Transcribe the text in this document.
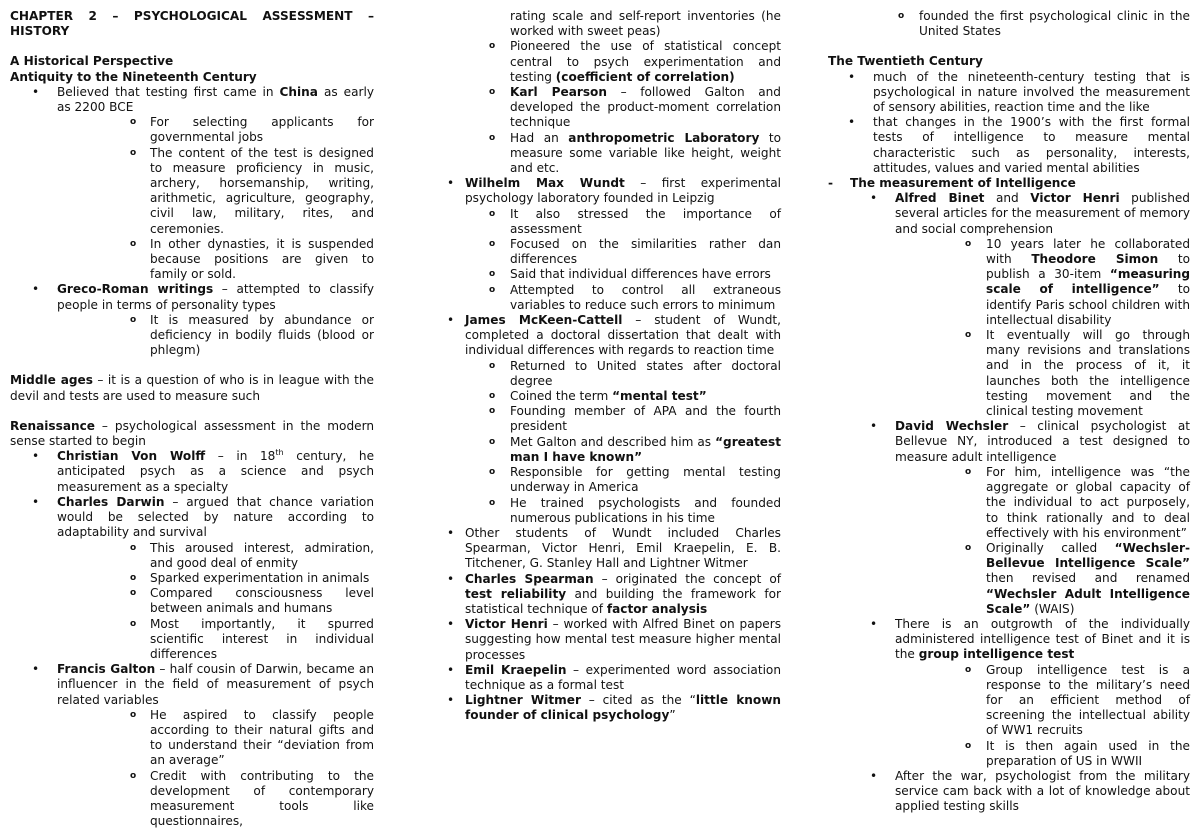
CHAPTER 2 – PSYCHOLOGICAL ASSESSMENT – HISTORY

A Historical Perspective

Antiquity to the Nineteenth Century

• Believed that testing first came in China as early as 2200 BCE
o For selecting applicants for governmental jobs
o The content of the test is designed to measure proficiency in music, archery, horsemanship, writing, arithmetic, agriculture, geography, civil law, military, rites, and ceremonies.
o In other dynasties, it is suspended because positions are given to family or sold.
• Greco-Roman writings – attempted to classify people in terms of personality types
o It is measured by abundance or deficiency in bodily fluids (blood or phlegm)

Middle ages – it is a question of who is in league with the devil and tests are used to measure such

Renaissance – psychological assessment in the modern sense started to begin

• Christian Von Wolff – in 18th century, he anticipated psych as a science and psych measurement as a specialty
• Charles Darwin – argued that chance variation would be selected by nature according to adaptability and survival
o This aroused interest, admiration, and good deal of enmity
o Sparked experimentation in animals
o Compared consciousness level between animals and humans
o Most importantly, it spurred scientific interest in individual differences
• Francis Galton – half cousin of Darwin, became an influencer in the field of measurement of psych related variables
o He aspired to classify people according to their natural gifts and to understand their “deviation from an average”
o Credit with contributing to the development of contemporary measurement tools like questionnaires,
rating scale and self-report inventories (he worked with sweet peas)
o Pioneered the use of statistical concept central to psych experimentation and testing (coefficient of correlation)
o Karl Pearson – followed Galton and developed the product-moment correlation technique
o Had an anthropometric Laboratory to measure some variable like height, weight and etc.
• Wilhelm Max Wundt – first experimental psychology laboratory founded in Leipzig
o It also stressed the importance of assessment
o Focused on the similarities rather dan differences
o Said that individual differences have errors
o Attempted to control all extraneous variables to reduce such errors to minimum
• James McKeen-Cattell – student of Wundt, completed a doctoral dissertation that dealt with individual differences with regards to reaction time
o Returned to United states after doctoral degree
o Coined the term “mental test”
o Founding member of APA and the fourth president
o Met Galton and described him as “greatest man I have known”
o Responsible for getting mental testing underway in America
o He trained psychologists and founded numerous publications in his time
• Other students of Wundt included Charles Spearman, Victor Henri, Emil Kraepelin, E. B. Titchener, G. Stanley Hall and Lightner Witmer
• Charles Spearman – originated the concept of test reliability and building the framework for statistical technique of factor analysis
• Victor Henri – worked with Alfred Binet on papers suggesting how mental test measure higher mental processes
• Emil Kraepelin – experimented word association technique as a formal test
• Lightner Witmer – cited as the “little known founder of clinical psychology”
o founded the first psychological clinic in the United States

The Twentieth Century

• much of the nineteenth-century testing that is psychological in nature involved the measurement of sensory abilities, reaction time and the like
• that changes in the 1900’s with the first formal tests of intelligence to measure mental characteristic such as personality, interests, attitudes, values and varied mental abilities
- The measurement of Intelligence
• Alfred Binet and Victor Henri published several articles for the measurement of memory and social comprehension
o 10 years later he collaborated with Theodore Simon to publish a 30-item “measuring scale of intelligence” to identify Paris school children with intellectual disability
o It eventually will go through many revisions and translations and in the process of it, it launches both the intelligence testing movement and the clinical testing movement
• David Wechsler – clinical psychologist at Bellevue NY, introduced a test designed to measure adult intelligence
o For him, intelligence was “the aggregate or global capacity of the individual to act purposely, to think rationally and to deal effectively with his environment”
o Originally called “Wechsler-Bellevue Intelligence Scale” then revised and renamed “Wechsler Adult Intelligence Scale” (WAIS)
• There is an outgrowth of the individually administered intelligence test of Binet and it is the group intelligence test
o Group intelligence test is a response to the military’s need for an efficient method of screening the intellectual ability of WW1 recruits
o It is then again used in the preparation of US in WWII
• After the war, psychologist from the military service cam back with a lot of knowledge about applied testing skills
